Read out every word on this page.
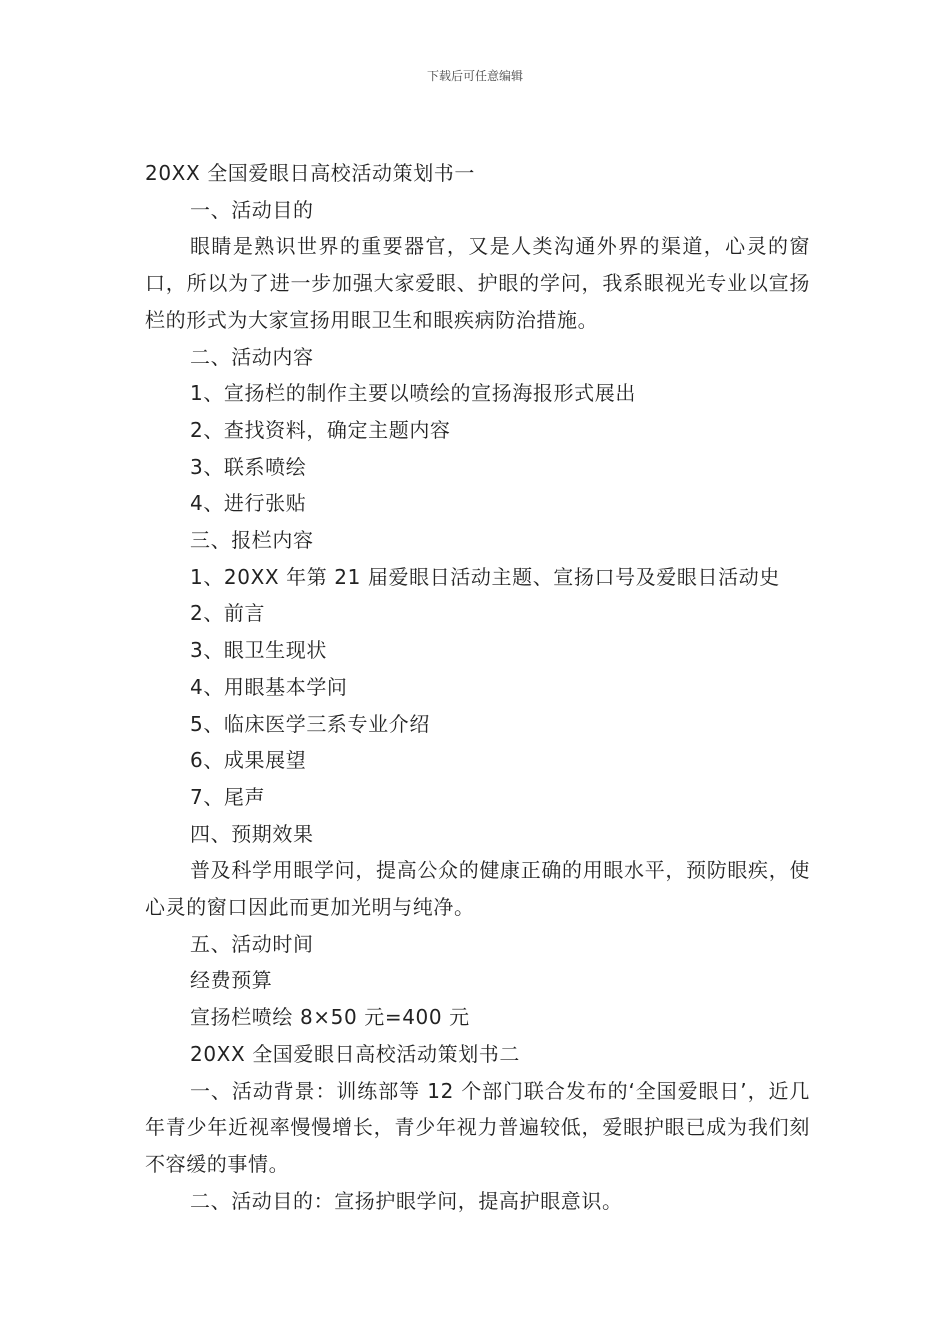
下载后可任意编辑

20XX 全国爱眼日高校活动策划书一

一、活动目的

眼睛是熟识世界的重要器官，又是人类沟通外界的渠道，心灵的窗口，所以为了进一步加强大家爱眼、护眼的学问，我系眼视光专业以宣扬栏的形式为大家宣扬用眼卫生和眼疾病防治措施。

二、活动内容

1、宣扬栏的制作主要以喷绘的宣扬海报形式展出

2、查找资料，确定主题内容

3、联系喷绘

4、进行张贴

三、报栏内容

1、20XX 年第 21 届爱眼日活动主题、宣扬口号及爱眼日活动史

2、前言

3、眼卫生现状

4、用眼基本学问

5、临床医学三系专业介绍

6、成果展望

7、尾声

四、预期效果

普及科学用眼学问，提高公众的健康正确的用眼水平，预防眼疾，使心灵的窗口因此而更加光明与纯净。

五、活动时间

经费预算

宣扬栏喷绘 8×50 元=400 元

20XX 全国爱眼日高校活动策划书二

一、活动背景：训练部等 12 个部门联合发布的‘全国爱眼日’，近几年青少年近视率慢慢增长，青少年视力普遍较低，爱眼护眼已成为我们刻不容缓的事情。

二、活动目的：宣扬护眼学问，提高护眼意识。
